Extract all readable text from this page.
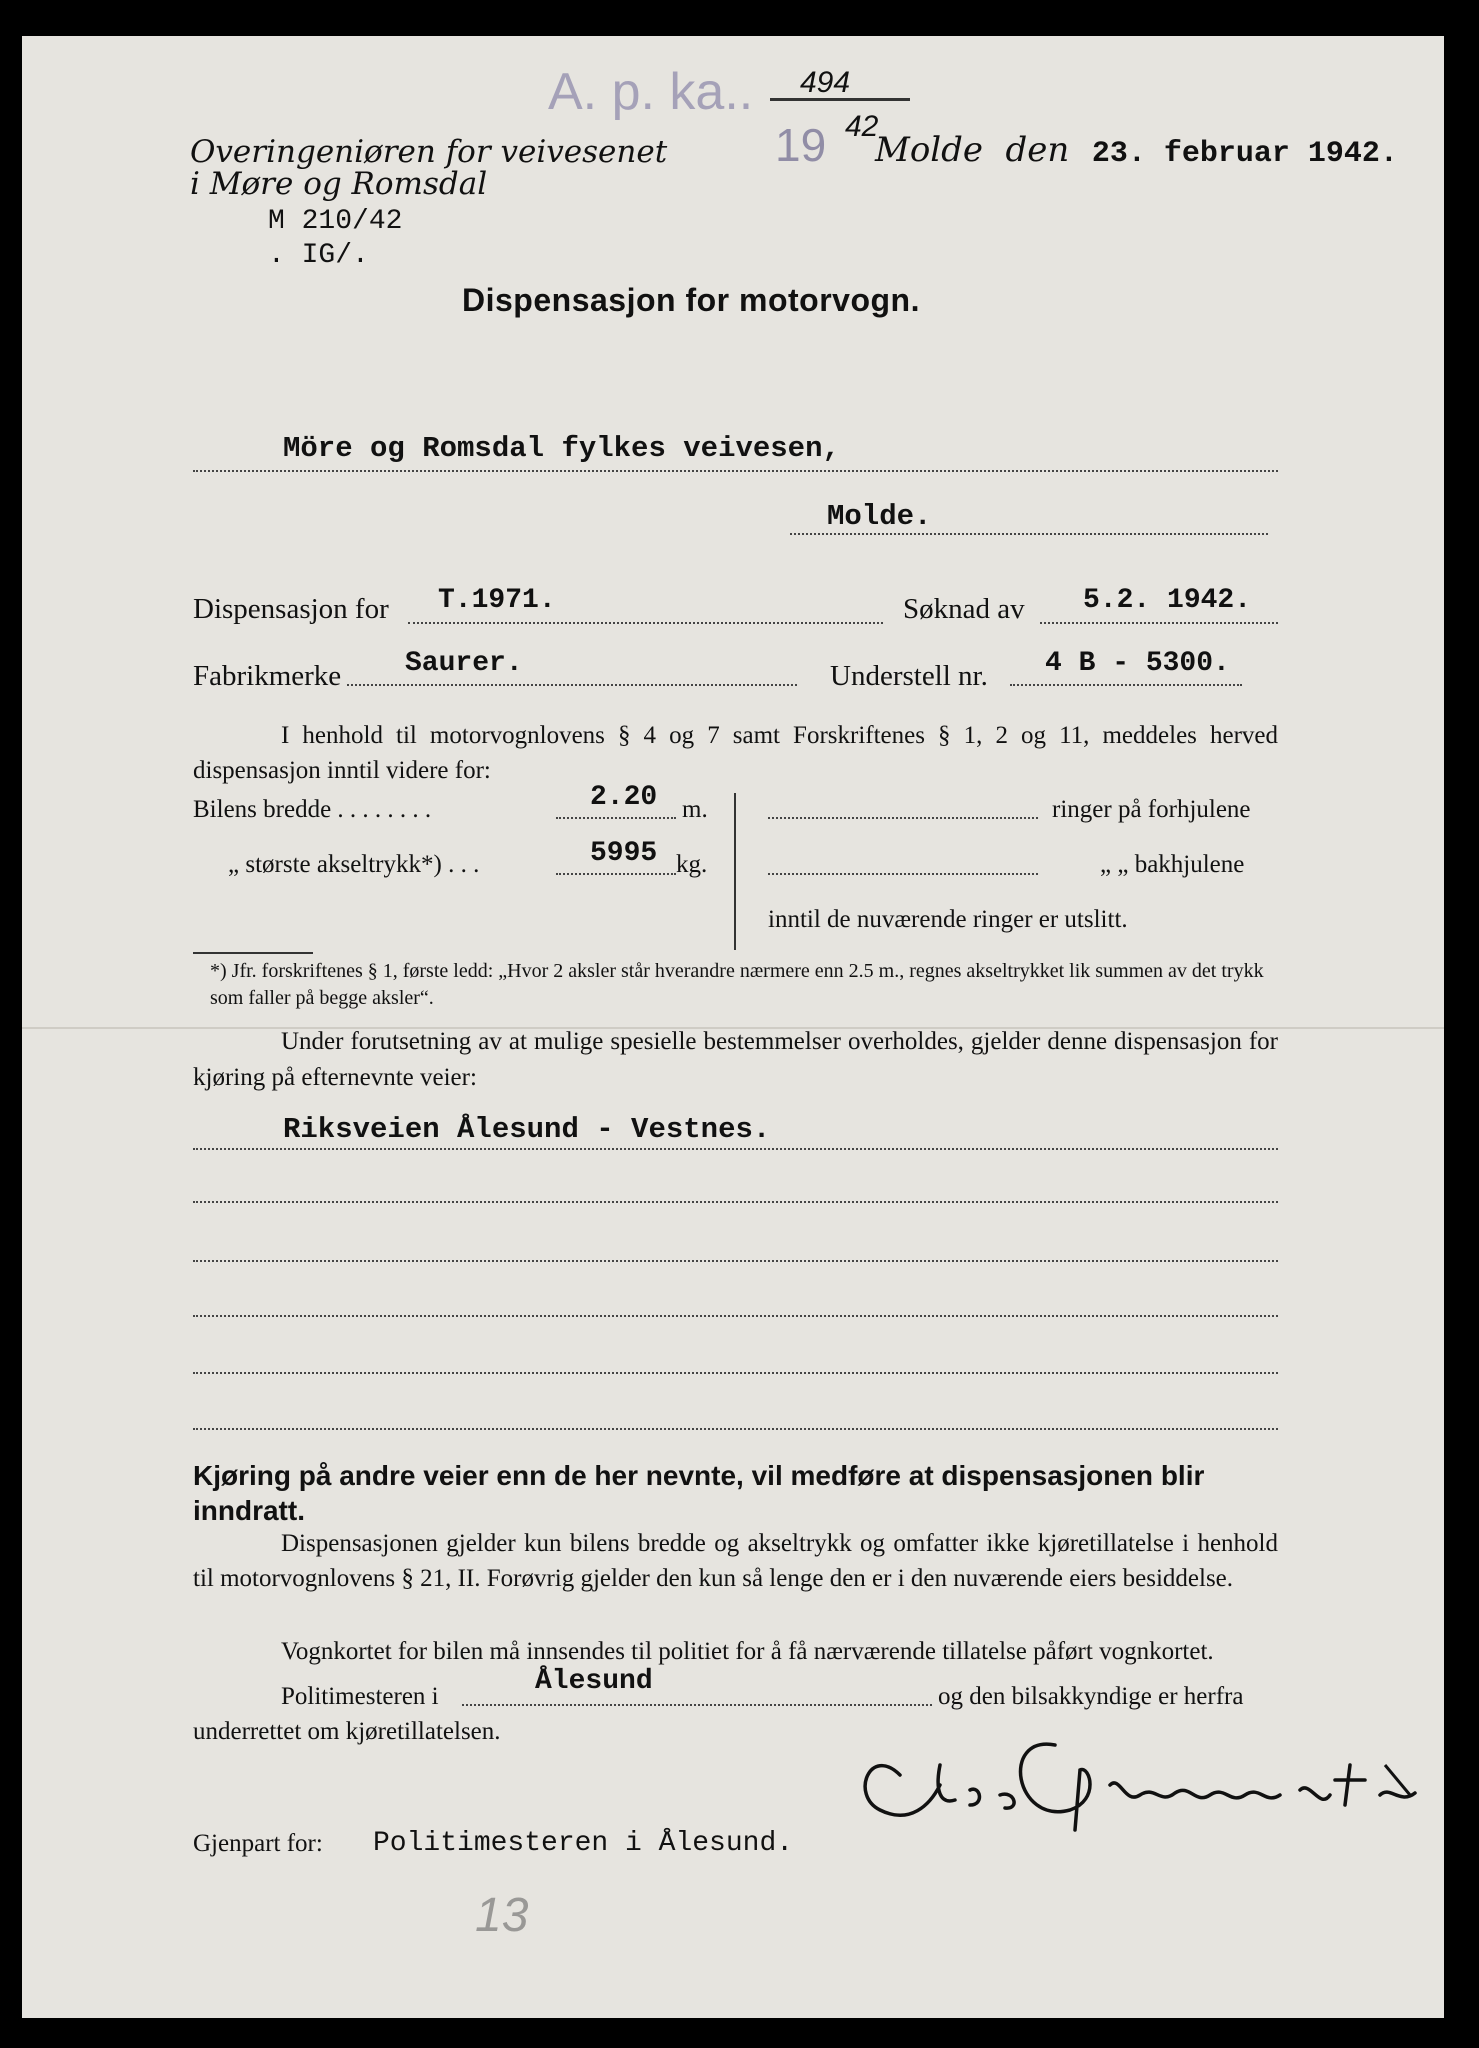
A. p. ka.. 494
19 42
Overingeniøren for veivesenet
i Møre og Romsdal
Molde den 23. februar 1942.
M 210/42
. IG/.
Dispensasjon for motorvogn.
Möre og Romsdal fylkes veivesen,
Molde.
Dispensasjon for T.1971.	Søknad av 5.2. 1942.
Fabrikmerke Saurer.	Understell nr. 4 B - 5300.
I henhold til motorvognlovens § 4 og 7 samt Forskriftenes § 1, 2 og 11, meddeles herved dispensasjon inntil videre for:
Bilens bredde . . . . . . . .	2.20 m.
„ største akseltrykk*) . . .	5995 kg.
ringer på forhjulene
„ „ bakhjulene
inntil de nuværende ringer er utslitt.
*) Jfr. forskriftenes § 1, første ledd: „Hvor 2 aksler står hverandre nærmere enn 2.5 m., regnes akseltrykket lik summen av det trykk som faller på begge aksler“.
Under forutsetning av at mulige spesielle bestemmelser overholdes, gjelder denne dispensasjon for kjøring på efternevnte veier:
Riksveien Ålesund - Vestnes.
Kjøring på andre veier enn de her nevnte, vil medføre at dispensasjonen blir inndratt.
Dispensasjonen gjelder kun bilens bredde og akseltrykk og omfatter ikke kjøretillatelse i henhold til motorvognlovens § 21, II. Forøvrig gjelder den kun så lenge den er i den nuværende eiers besiddelse.
Vognkortet for bilen må innsendes til politiet for å få nærværende tillatelse påført vognkortet.
Politimesteren i	Ålesund	og den bilsakkyndige er herfra
underrettet om kjøretillatelsen.
Gjenpart for: Politimesteren i Ålesund.
13
